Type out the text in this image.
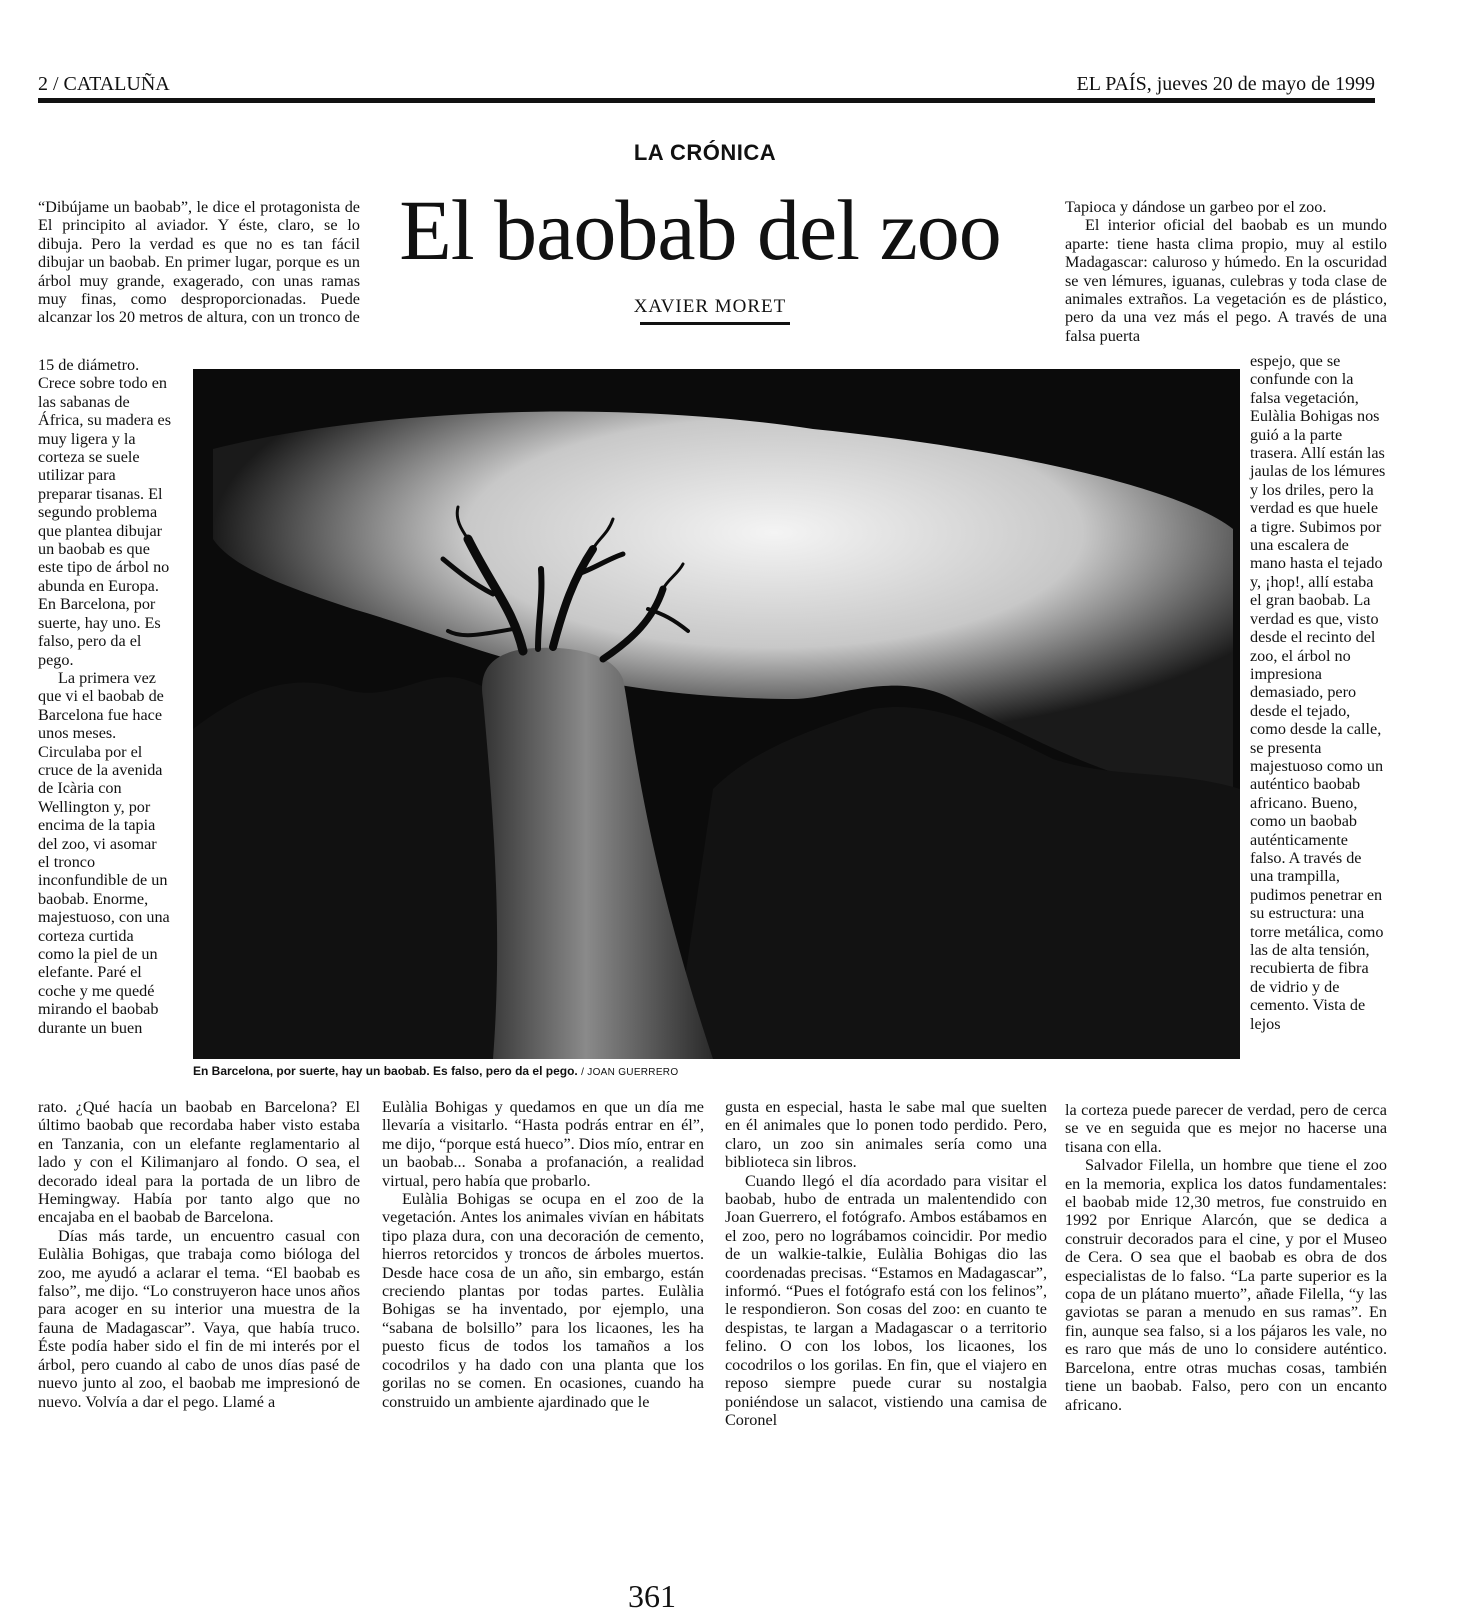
2 / CATALUÑA	EL PAÍS, jueves 20 de mayo de 1999
LA CRÓNICA
El baobab del zoo
XAVIER MORET

“Dibújame un baobab”, le dice el protagonista de El principito al aviador. Y éste, claro, se lo dibuja. Pero la verdad es que no es tan fácil dibujar un baobab. En primer lugar, porque es un árbol muy grande, exagerado, con unas ramas muy finas, como desproporcionadas. Puede alcanzar los 20 metros de altura, con un tronco de

15 de diámetro. Crece sobre todo en las sabanas de África, su madera es muy ligera y la corteza se suele utilizar para preparar tisanas. El segundo problema que plantea dibujar un baobab es que este tipo de árbol no abunda en Europa. En Barcelona, por suerte, hay uno. Es falso, pero da el pego.

La primera vez que vi el baobab de Barcelona fue hace unos meses. Circulaba por el cruce de la avenida de Icària con Wellington y, por encima de la tapia del zoo, vi asomar el tronco inconfundible de un baobab. Enorme, majestuoso, con una corteza curtida como la piel de un elefante. Paré el coche y me quedé mirando el baobab durante un buen

rato. ¿Qué hacía un baobab en Barcelona? El último baobab que recordaba haber visto estaba en Tanzania, con un elefante reglamentario al lado y con el Kilimanjaro al fondo. O sea, el decorado ideal para la portada de un libro de Hemingway. Había por tanto algo que no encajaba en el baobab de Barcelona.

Días más tarde, un encuentro casual con Eulàlia Bohigas, que trabaja como bióloga del zoo, me ayudó a aclarar el tema. “El baobab es falso”, me dijo. “Lo construyeron hace unos años para acoger en su interior una muestra de la fauna de Madagascar”. Vaya, que había truco. Éste podía haber sido el fin de mi interés por el árbol, pero cuando al cabo de unos días pasé de nuevo junto al zoo, el baobab me impresionó de nuevo. Volvía a dar el pego. Llamé a

En Barcelona, por suerte, hay un baobab. Es falso, pero da el pego. / JOAN GUERRERO

Eulàlia Bohigas y quedamos en que un día me llevaría a visitarlo. “Hasta podrás entrar en él”, me dijo, “porque está hueco”. Dios mío, entrar en un baobab... Sonaba a profanación, a realidad virtual, pero había que probarlo.

Eulàlia Bohigas se ocupa en el zoo de la vegetación. Antes los animales vivían en hábitats tipo plaza dura, con una decoración de cemento, hierros retorcidos y troncos de árboles muertos. Desde hace cosa de un año, sin embargo, están creciendo plantas por todas partes. Eulàlia Bohigas se ha inventado, por ejemplo, una “sabana de bolsillo” para los licaones, les ha puesto ficus de todos los tamaños a los cocodrilos y ha dado con una planta que los gorilas no se comen. En ocasiones, cuando ha construido un ambiente ajardinado que le

gusta en especial, hasta le sabe mal que suelten en él animales que lo ponen todo perdido. Pero, claro, un zoo sin animales sería como una biblioteca sin libros.

Cuando llegó el día acordado para visitar el baobab, hubo de entrada un malentendido con Joan Guerrero, el fotógrafo. Ambos estábamos en el zoo, pero no lográbamos coincidir. Por medio de un walkie-talkie, Eulàlia Bohigas dio las coordenadas precisas. “Estamos en Madagascar”, informó. “Pues el fotógrafo está con los felinos”, le respondieron. Son cosas del zoo: en cuanto te despistas, te largan a Madagascar o a territorio felino. O con los lobos, los licaones, los cocodrilos o los gorilas. En fin, que el viajero en reposo siempre puede curar su nostalgia poniéndose un salacot, vistiendo una camisa de Coronel

Tapioca y dándose un garbeo por el zoo.

El interior oficial del baobab es un mundo aparte: tiene hasta clima propio, muy al estilo Madagascar: caluroso y húmedo. En la oscuridad se ven lémures, iguanas, culebras y toda clase de animales extraños. La vegetación es de plástico, pero da una vez más el pego. A través de una falsa puerta

espejo, que se confunde con la falsa vegetación, Eulàlia Bohigas nos guió a la parte trasera. Allí están las jaulas de los lémures y los driles, pero la verdad es que huele a tigre. Subimos por una escalera de mano hasta el tejado y, ¡hop!, allí estaba el gran baobab. La verdad es que, visto desde el recinto del zoo, el árbol no impresiona demasiado, pero desde el tejado, como desde la calle, se presenta majestuoso como un auténtico baobab africano. Bueno, como un baobab auténticamente falso. A través de una trampilla, pudimos penetrar en su estructura: una torre metálica, como las de alta tensión, recubierta de fibra de vidrio y de cemento. Vista de lejos

la corteza puede parecer de verdad, pero de cerca se ve en seguida que es mejor no hacerse una tisana con ella.

Salvador Filella, un hombre que tiene el zoo en la memoria, explica los datos fundamentales: el baobab mide 12,30 metros, fue construido en 1992 por Enrique Alarcón, que se dedica a construir decorados para el cine, y por el Museo de Cera. O sea que el baobab es obra de dos especialistas de lo falso. “La parte superior es la copa de un plátano muerto”, añade Filella, “y las gaviotas se paran a menudo en sus ramas”. En fin, aunque sea falso, si a los pájaros les vale, no es raro que más de uno lo considere auténtico. Barcelona, entre otras muchas cosas, también tiene un baobab. Falso, pero con un encanto africano.

361
